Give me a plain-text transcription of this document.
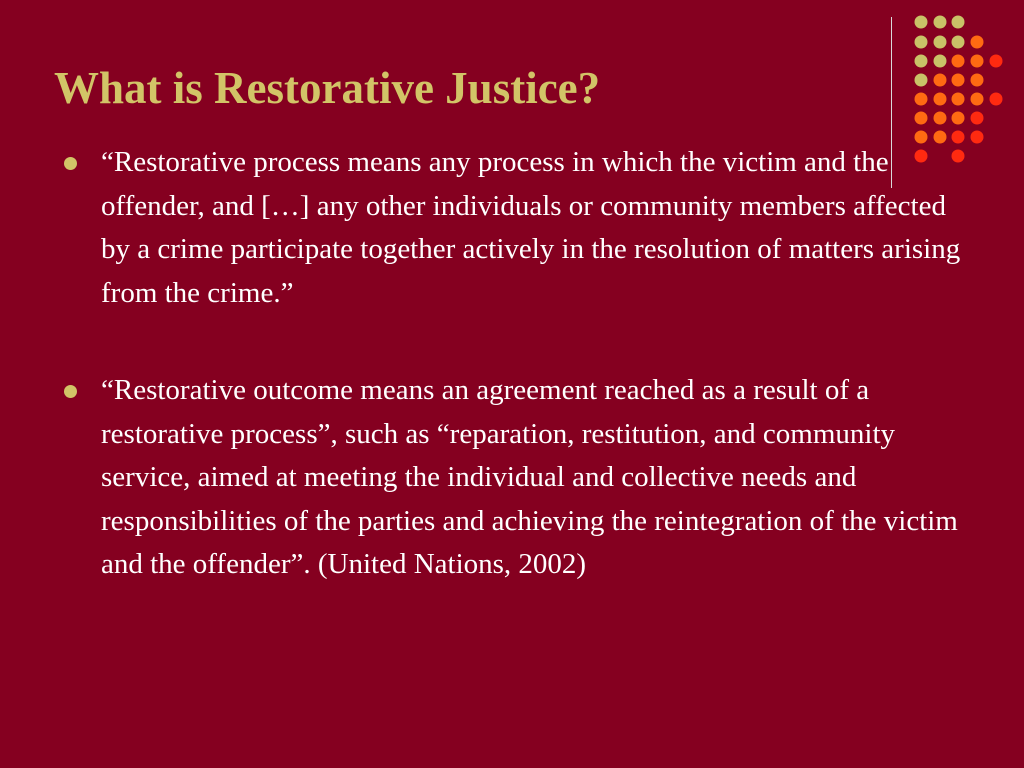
What is Restorative Justice?
“Restorative process means any process in which the victim and the offender, and […] any other individuals or community members affected by a crime participate together actively in the resolution of matters arising from the crime.”
“Restorative outcome means an agreement reached as a result of a restorative process”, such as “reparation, restitution, and community service, aimed at meeting the individual and collective needs and responsibilities of the parties and achieving the reintegration of the victim and the offender”. (United Nations, 2002)
